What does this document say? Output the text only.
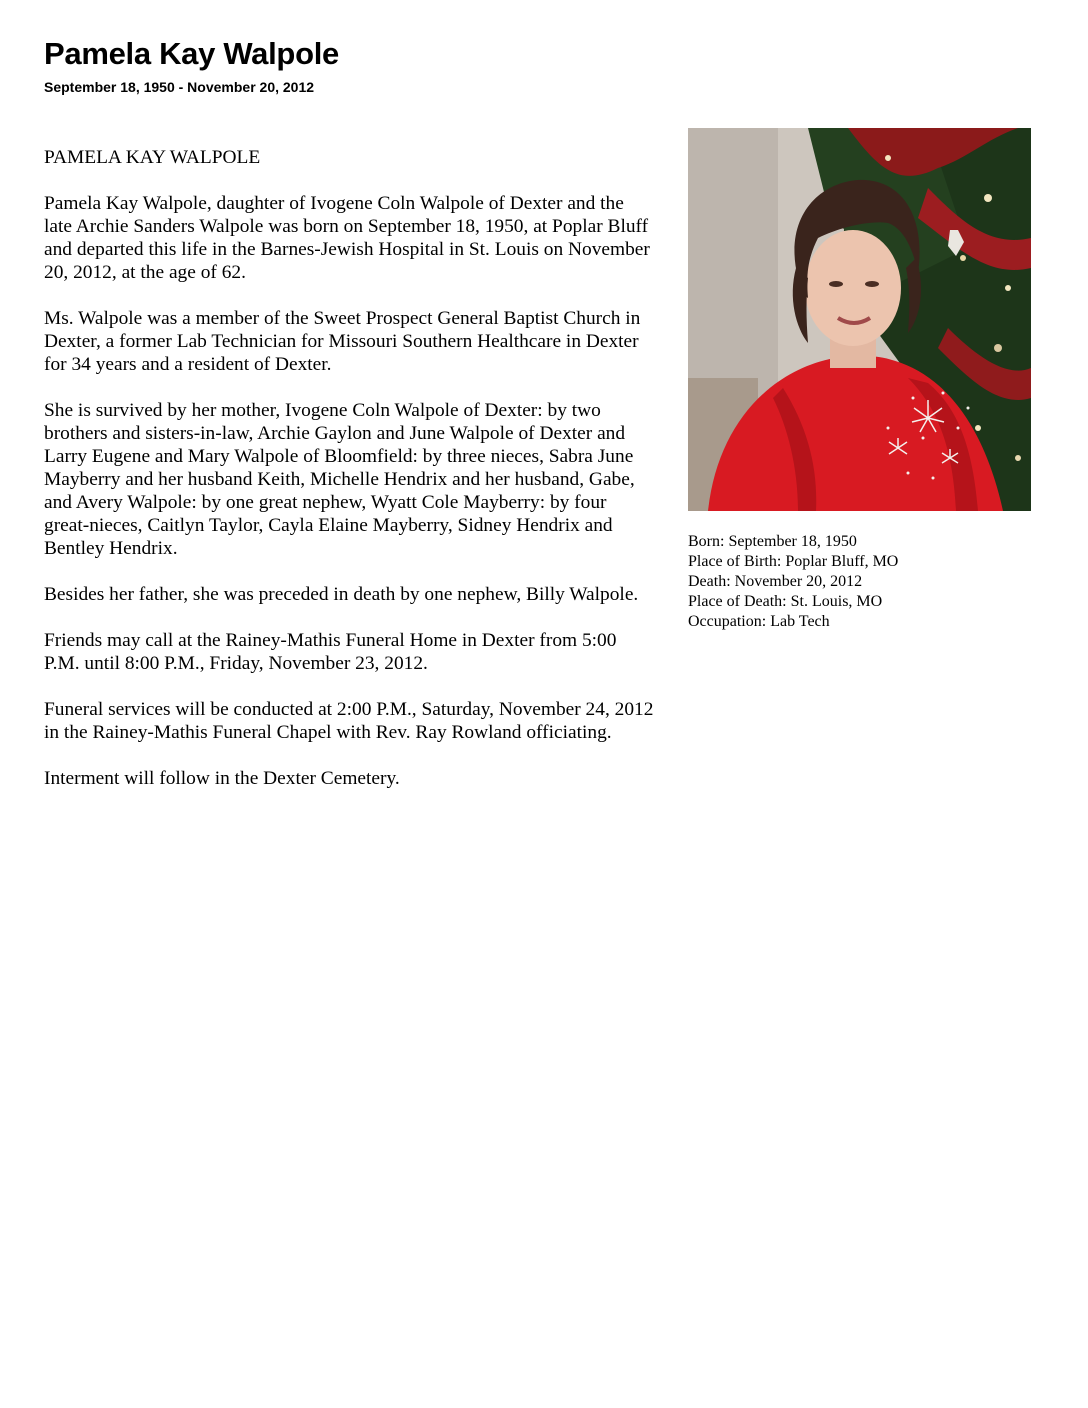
Pamela Kay Walpole
September 18, 1950 - November 20, 2012

PAMELA KAY WALPOLE

Pamela Kay Walpole, daughter of Ivogene Coln Walpole of Dexter and the late Archie Sanders Walpole was born on September 18, 1950, at Poplar Bluff and departed this life in the Barnes-Jewish Hospital in St. Louis on November 20, 2012, at the age of 62.

Ms. Walpole was a member of the Sweet Prospect General Baptist Church in Dexter, a former Lab Technician for Missouri Southern Healthcare in Dexter for 34 years and a resident of Dexter.

She is survived by her mother, Ivogene Coln Walpole of Dexter: by two brothers and sisters-in-law, Archie Gaylon and June Walpole of Dexter and Larry Eugene and Mary Walpole of Bloomfield: by three nieces, Sabra June Mayberry and her husband Keith, Michelle Hendrix and her husband, Gabe, and Avery Walpole: by one great nephew, Wyatt Cole Mayberry: by four great-nieces, Caitlyn Taylor, Cayla Elaine Mayberry, Sidney Hendrix and Bentley Hendrix.

Besides her father, she was preceded in death by one nephew, Billy Walpole.

Friends may call at the Rainey-Mathis Funeral Home in Dexter from 5:00 P.M. until 8:00 P.M., Friday, November 23, 2012.

Funeral services will be conducted at 2:00 P.M., Saturday, November 24, 2012 in the Rainey-Mathis Funeral Chapel with Rev. Ray Rowland officiating.

Interment will follow in the Dexter Cemetery.

Born: September 18, 1950
Place of Birth: Poplar Bluff, MO
Death: November 20, 2012
Place of Death: St. Louis, MO
Occupation: Lab Tech
